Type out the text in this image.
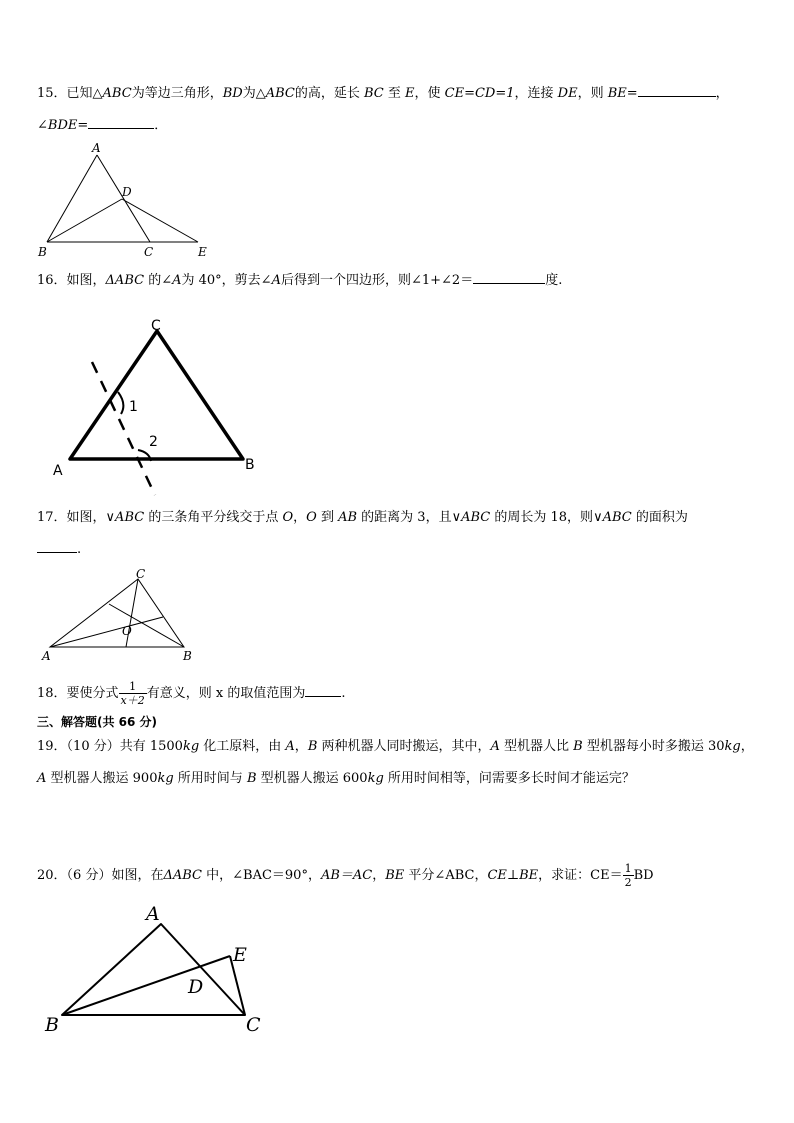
15．已知△ABC为等边三角形，BD为△ABC的高，延长 BC 至 E，使 CE=CD=1，连接 DE，则 BE=	，
∠BDE=	．
A
D
B	C	E
16．如图，ΔABC 的∠A为 40°，剪去∠A后得到一个四边形，则∠1+∠2＝	度.
C
A	B
1
2
17．如图，∨ABC 的三条角平分线交于点 O，O 到 AB 的距离为 3，且∨ABC 的周长为 18，则∨ABC 的面积为
.
C
O
A	B
18．要使分式 $\frac{1}{x+2}$ 有意义，则 x 的取值范围为	.
三、解答题(共 66 分)
19．（10 分）共有 1500kg 化工原料，由 A，B 两种机器人同时搬运，其中，A 型机器人比 B 型机器每小时多搬运 30kg，
A 型机器人搬运 900kg 所用时间与 B 型机器人搬运 600kg 所用时间相等，问需要多长时间才能运完？
20．（6 分）如图，在ΔABC 中，∠BAC＝90°，AB＝AC，BE 平分∠ABC，CE⊥BE，求证：$CE= \frac{1}{2}$ BD
A
E
D
B	C
